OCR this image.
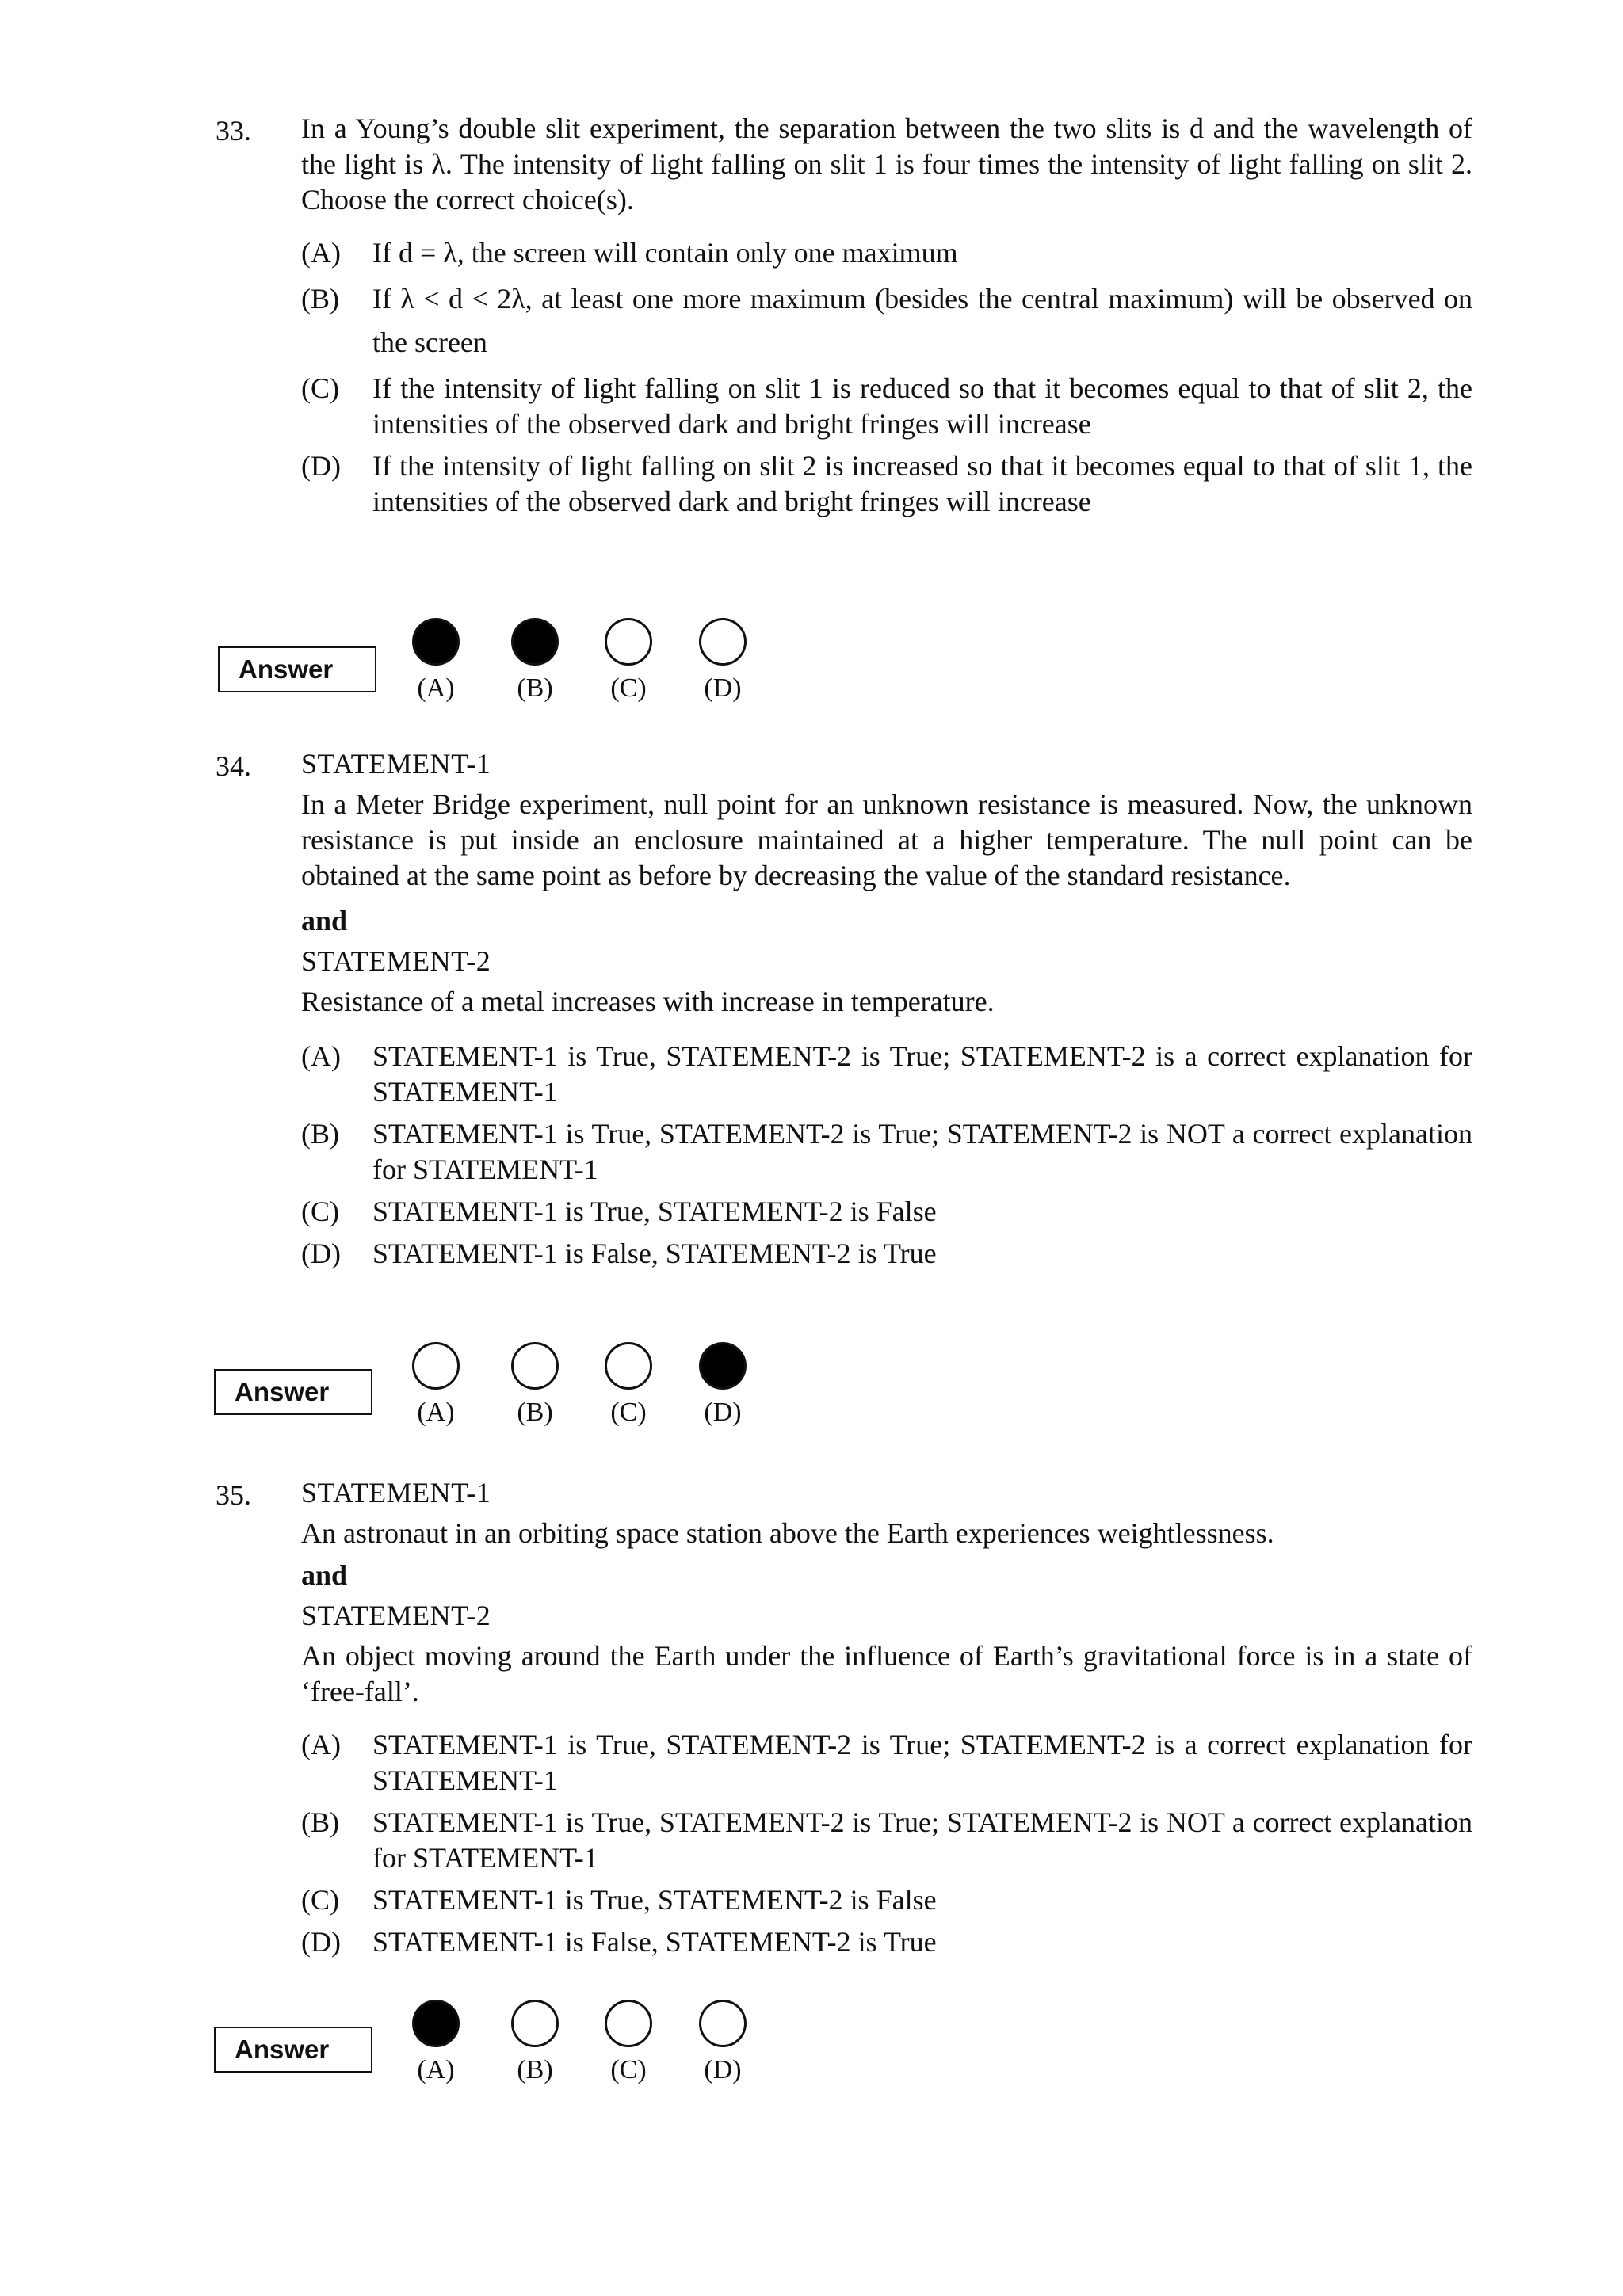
33. In a Young’s double slit experiment, the separation between the two slits is d and the wavelength of the light is λ. The intensity of light falling on slit 1 is four times the intensity of light falling on slit 2. Choose the correct choice(s).

(A)	If d = λ, the screen will contain only one maximum
(B)	If λ < d < 2λ, at least one more maximum (besides the central maximum) will be observed on the screen
(C)	If the intensity of light falling on slit 1 is reduced so that it becomes equal to that of slit 2, the intensities of the observed dark and bright fringes will increase
(D)	If the intensity of light falling on slit 2 is increased so that it becomes equal to that of slit 1, the intensities of the observed dark and bright fringes will increase
Answer
(A)	(B)	(C)	(D)
34. STATEMENT-1

In a Meter Bridge experiment, null point for an unknown resistance is measured. Now, the unknown resistance is put inside an enclosure maintained at a higher temperature. The null point can be obtained at the same point as before by decreasing the value of the standard resistance.

and

STATEMENT-2

Resistance of a metal increases with increase in temperature.

(A)	STATEMENT-1 is True, STATEMENT-2 is True; STATEMENT-2 is a correct explanation for STATEMENT-1
(B)	STATEMENT-1 is True, STATEMENT-2 is True; STATEMENT-2 is NOT a correct explanation for STATEMENT-1
(C)	STATEMENT-1 is True, STATEMENT-2 is False
(D)	STATEMENT-1 is False, STATEMENT-2 is True
Answer
(A)	(B)	(C)	(D)
35. STATEMENT-1

An astronaut in an orbiting space station above the Earth experiences weightlessness.

and

STATEMENT-2

An object moving around the Earth under the influence of Earth’s gravitational force is in a state of ‘free-fall’.

(A)	STATEMENT-1 is True, STATEMENT-2 is True; STATEMENT-2 is a correct explanation for STATEMENT-1
(B)	STATEMENT-1 is True, STATEMENT-2 is True; STATEMENT-2 is NOT a correct explanation for STATEMENT-1
(C)	STATEMENT-1 is True, STATEMENT-2 is False
(D)	STATEMENT-1 is False, STATEMENT-2 is True
Answer
(A)	(B)	(C)	(D)
